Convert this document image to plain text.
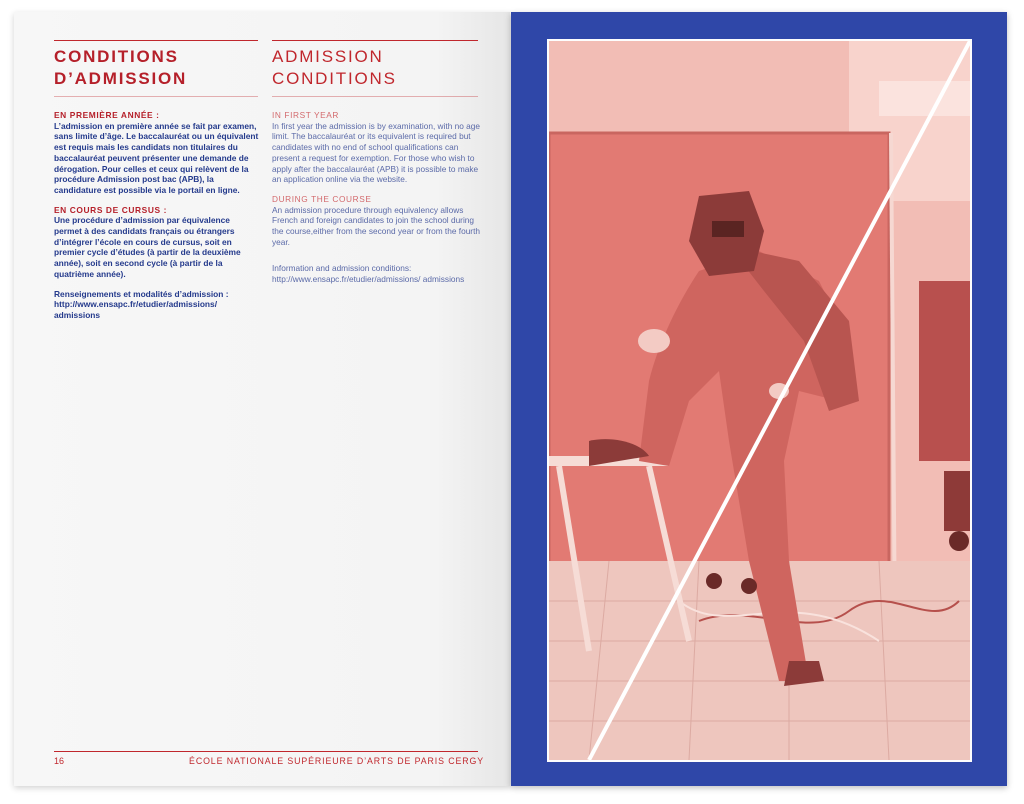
CONDITIONS
D’ADMISSION
ADMISSION
CONDITIONS
EN PREMIÈRE ANNÉE :
L’admission en première année se fait par examen, sans limite d’âge. Le baccalauréat ou un équivalent est requis mais les candidats non titulaires du baccalauréat peuvent présenter une demande de dérogation. Pour celles et ceux qui relèvent de la procédure Admission post bac (APB), la candidature est possible via le portail en ligne.
EN COURS DE CURSUS :
Une procédure d’admission par équivalence permet à des candidats français ou étrangers d’intégrer l’école en cours de cursus, soit en premier cycle d’études (à partir de la deuxième année), soit en second cycle (à partir de la quatrième année).
Renseignements et modalités d’admission :
http://www.ensapc.fr/etudier/admissions/ admissions
IN FIRST YEAR
In first year the admission is by examination, with no age limit. The baccalauréat or its equivalent is required but candidates with no end of school qualifications can present a request for exemption. For those who wish to apply after the baccalauréat (APB) it is possible to make an application online via the website.
DURING THE COURSE
An admission procedure through equivalency allows French and foreign candidates to join the school during the course,either from the second year or from the fourth year.
Information and admission conditions:
http://www.ensapc.fr/etudier/admissions/ admissions
16	ÉCOLE NATIONALE SUPÉRIEURE D’ARTS DE PARIS CERGY
